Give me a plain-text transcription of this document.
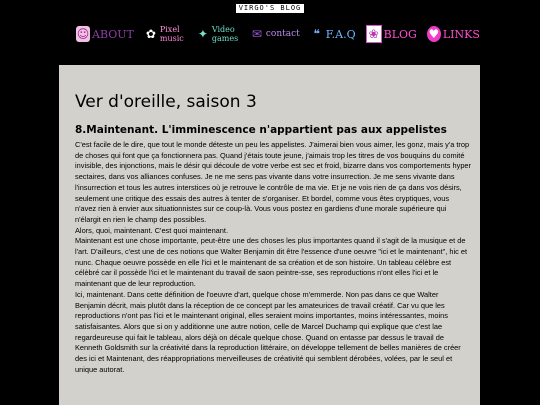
VIRGO'S BLOG
☺ ABOUT ✿ Pixel music ✦ Video games ✉ contact	❝ F.A.Q ❀ BLOG ♥ LINKS
Ver d'oreille, saison 3
8.Maintenant. L'imminescence n'appartient pas aux appelistes

C'est facile de le dire, que tout le monde déteste un peu les appelistes. J'aimerai bien vous aimer, les gonz, mais y'a trop de choses qui font que ça fonctionnera pas. Quand j'étais toute jeune, j'aimais trop les titres de vos bouquins du comité invisible, des injonctions, mais le désir qui découle de votre verbe est sec et froid, bizarre dans vos comportements hyper sectaires, dans vos alliances confuses. Je ne me sens pas vivante dans votre insurrection. Je me sens vivante dans l'insurrection et tous les autres interstices où je retrouve le contrôle de ma vie. Et je ne vois rien de ça dans vos désirs, seulement une critique des essais des autres à tenter de s'organiser. Et bordel, comme vous êtes cryptiques, vous n'avez rien à envier aux situationnistes sur ce coup-là. Vous vous postez en gardiens d'une morale supérieure qui n'élargit en rien le champ des possibles.

Alors, quoi, maintenant. C'est quoi maintenant.

Maintenant est une chose importante, peut-être une des choses les plus importantes quand il s'agit de la musique et de l'art. D'ailleurs, c'est une de ces notions que Walter Benjamin dit être l'essence d'une oeuvre "ici et le maintenant", hic et nunc. Chaque oeuvre possède en elle l'ici et le maintenant de sa création et de son histoire. Un tableau célèbre est célèbré car il possède l'ici et le maintenant du travail de saon peintre-sse, ses reproductions n'ont elles l'ici et le maintenant que de leur reproduction.

Ici, maintenant. Dans cette définition de l'oeuvre d'art, quelque chose m'emmerde. Non pas dans ce que Walter Benjamin décrit, mais plutôt dans la réception de ce concept par les amateurices de travail créatif. Car vu que les reproductions n'ont pas l'ici et le maintenant original, elles seraient moins importantes, moins intéressantes, moins satisfaisantes. Alors que si on y additionne une autre notion, celle de Marcel Duchamp qui explique que c'est lae regardeureuse qui fait le tableau, alors déjà on décale quelque chose. Quand on entasse par dessus le travail de Kenneth Goldsmith sur la créativité dans la reproduction littéraire, on développe tellement de belles manières de créer des ici et Maintenant, des réappropriations merveilleuses de créativité qui semblent dérobées, volées, par le seul et unique autorat.
